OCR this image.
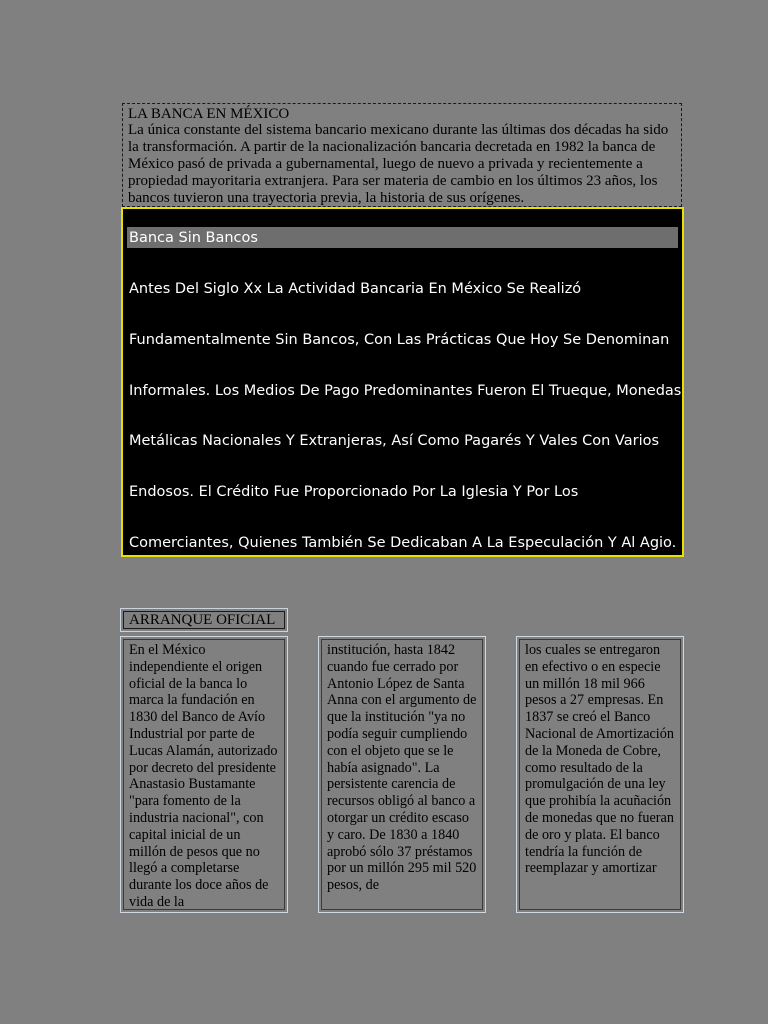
LA BANCA EN MÉXICO
La única constante del sistema bancario mexicano durante las últimas dos décadas ha sido la transformación. A partir de la nacionalización bancaria decretada en 1982 la banca de México pasó de privada a gubernamental, luego de nuevo a privada y recientemente a propiedad mayoritaria extranjera. Para ser materia de cambio en los últimos 23 años, los bancos tuvieron una trayectoria previa, la historia de sus orígenes.
Banca Sin Bancos
Antes Del Siglo Xx La Actividad Bancaria En México Se Realizó
Fundamentalmente Sin Bancos, Con Las Prácticas Que Hoy Se Denominan
Informales. Los Medios De Pago Predominantes Fueron El Trueque, Monedas
Metálicas Nacionales Y Extranjeras, Así Como Pagarés Y Vales Con Varios
Endosos. El Crédito Fue Proporcionado Por La Iglesia Y Por Los
Comerciantes, Quienes También Se Dedicaban A La Especulación Y Al Agio.
ARRANQUE OFICIAL
En el México independiente el origen oficial de la banca lo marca la fundación en 1830 del Banco de Avío Industrial por parte de Lucas Alamán, autorizado por decreto del presidente Anastasio Bustamante "para fomento de la industria nacional", con capital inicial de un millón de pesos que no llegó a completarse durante los doce años de vida de la
institución, hasta 1842 cuando fue cerrado por Antonio López de Santa Anna con el argumento de que la institución "ya no podía seguir cumpliendo con el objeto que se le había asignado". La persistente carencia de recursos obligó al banco a otorgar un crédito escaso y caro. De 1830 a 1840 aprobó sólo 37 préstamos por un millón 295 mil 520 pesos, de
los cuales se entregaron en efectivo o en especie un millón 18 mil 966 pesos a 27 empresas. En 1837 se creó el Banco Nacional de Amortización de la Moneda de Cobre, como resultado de la promulgación de una ley que prohibía la acuñación de monedas que no fueran de oro y plata. El banco tendría la función de reemplazar y amortizar
